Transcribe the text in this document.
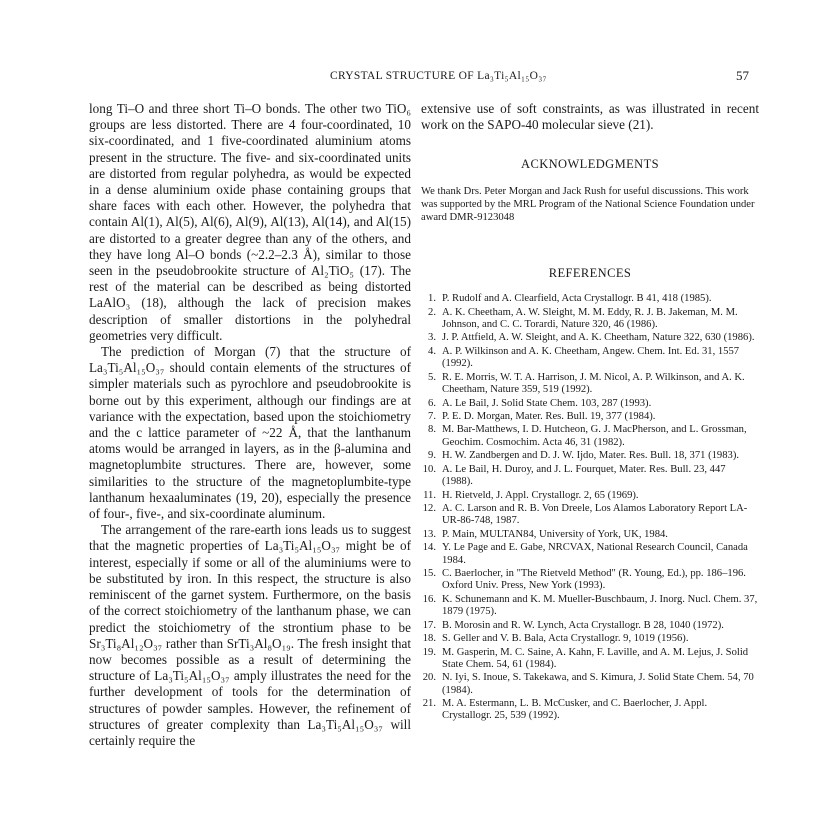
CRYSTAL STRUCTURE OF La₃Ti₅Al₁₅O₃₇	57

long Ti–O and three short Ti–O bonds. The other two TiO₆ groups are less distorted. There are 4 four-coordinated, 10 six-coordinated, and 1 five-coordinated aluminium atoms present in the structure. The five- and six-coordinated units are distorted from regular polyhedra, as would be expected in a dense aluminium oxide phase containing groups that share faces with each other. However, the polyhedra that contain Al(1), Al(5), Al(6), Al(9), Al(13), Al(14), and Al(15) are distorted to a greater degree than any of the others, and they have long Al–O bonds (~2.2–2.3 Å), similar to those seen in the pseudobrookite structure of Al₂TiO₅ (17). The rest of the material can be described as being distorted LaAlO₃ (18), although the lack of precision makes description of smaller distortions in the polyhedral geometries very difficult.

The prediction of Morgan (7) that the structure of La₃Ti₅Al₁₅O₃₇ should contain elements of the structures of simpler materials such as pyrochlore and pseudobrookite is borne out by this experiment, although our findings are at variance with the expectation, based upon the stoichiometry and the c lattice parameter of ~22 Å, that the lanthanum atoms would be arranged in layers, as in the β-alumina and magnetoplumbite structures. There are, however, some similarities to the structure of the magnetoplumbite-type lanthanum hexaaluminates (19, 20), especially the presence of four-, five-, and six-coordinate aluminum.

The arrangement of the rare-earth ions leads us to suggest that the magnetic properties of La₃Ti₅Al₁₅O₃₇ might be of interest, especially if some or all of the aluminiums were to be substituted by iron. In this respect, the structure is also reminiscent of the garnet system. Furthermore, on the basis of the correct stoichiometry of the lanthanum phase, we can predict the stoichiometry of the strontium phase to be Sr₃Ti₈Al₁₂O₃₇ rather than SrTi₃Al₈O₁₉. The fresh insight that now becomes possible as a result of determining the structure of La₃Ti₅Al₁₅O₃₇ amply illustrates the need for the further development of tools for the determination of structures of powder samples. However, the refinement of structures of greater complexity than La₃Ti₅Al₁₅O₃₇ will certainly require the

extensive use of soft constraints, as was illustrated in recent work on the SAPO-40 molecular sieve (21).

ACKNOWLEDGMENTS
We thank Drs. Peter Morgan and Jack Rush for useful discussions. This work was supported by the MRL Program of the National Science Foundation under award DMR-9123048
REFERENCES
1. P. Rudolf and A. Clearfield, Acta Crystallogr. B 41, 418 (1985).
2. A. K. Cheetham, A. W. Sleight, M. M. Eddy, R. J. B. Jakeman, M. M. Johnson, and C. C. Torardi, Nature 320, 46 (1986).
3. J. P. Attfield, A. W. Sleight, and A. K. Cheetham, Nature 322, 630 (1986).
4. A. P. Wilkinson and A. K. Cheetham, Angew. Chem. Int. Ed. 31, 1557 (1992).
5. R. E. Morris, W. T. A. Harrison, J. M. Nicol, A. P. Wilkinson, and A. K. Cheetham, Nature 359, 519 (1992).
6. A. Le Bail, J. Solid State Chem. 103, 287 (1993).
7. P. E. D. Morgan, Mater. Res. Bull. 19, 377 (1984).
8. M. Bar-Matthews, I. D. Hutcheon, G. J. MacPherson, and L. Grossman, Geochim. Cosmochim. Acta 46, 31 (1982).
9. H. W. Zandbergen and D. J. W. Ijdo, Mater. Res. Bull. 18, 371 (1983).
10. A. Le Bail, H. Duroy, and J. L. Fourquet, Mater. Res. Bull. 23, 447 (1988).
11. H. Rietveld, J. Appl. Crystallogr. 2, 65 (1969).
12. A. C. Larson and R. B. Von Dreele, Los Alamos Laboratory Report LA-UR-86-748, 1987.
13. P. Main, MULTAN84, University of York, UK, 1984.
14. Y. Le Page and E. Gabe, NRCVAX, National Research Council, Canada 1984.
15. C. Baerlocher, in "The Rietveld Method" (R. Young, Ed.), pp. 186–196. Oxford Univ. Press, New York (1993).
16. K. Schunemann and K. M. Mueller-Buschbaum, J. Inorg. Nucl. Chem. 37, 1879 (1975).
17. B. Morosin and R. W. Lynch, Acta Crystallogr. B 28, 1040 (1972).
18. S. Geller and V. B. Bala, Acta Crystallogr. 9, 1019 (1956).
19. M. Gasperin, M. C. Saine, A. Kahn, F. Laville, and A. M. Lejus, J. Solid State Chem. 54, 61 (1984).
20. N. Iyi, S. Inoue, S. Takekawa, and S. Kimura, J. Solid State Chem. 54, 70 (1984).
21. M. A. Estermann, L. B. McCusker, and C. Baerlocher, J. Appl. Crystallogr. 25, 539 (1992).
